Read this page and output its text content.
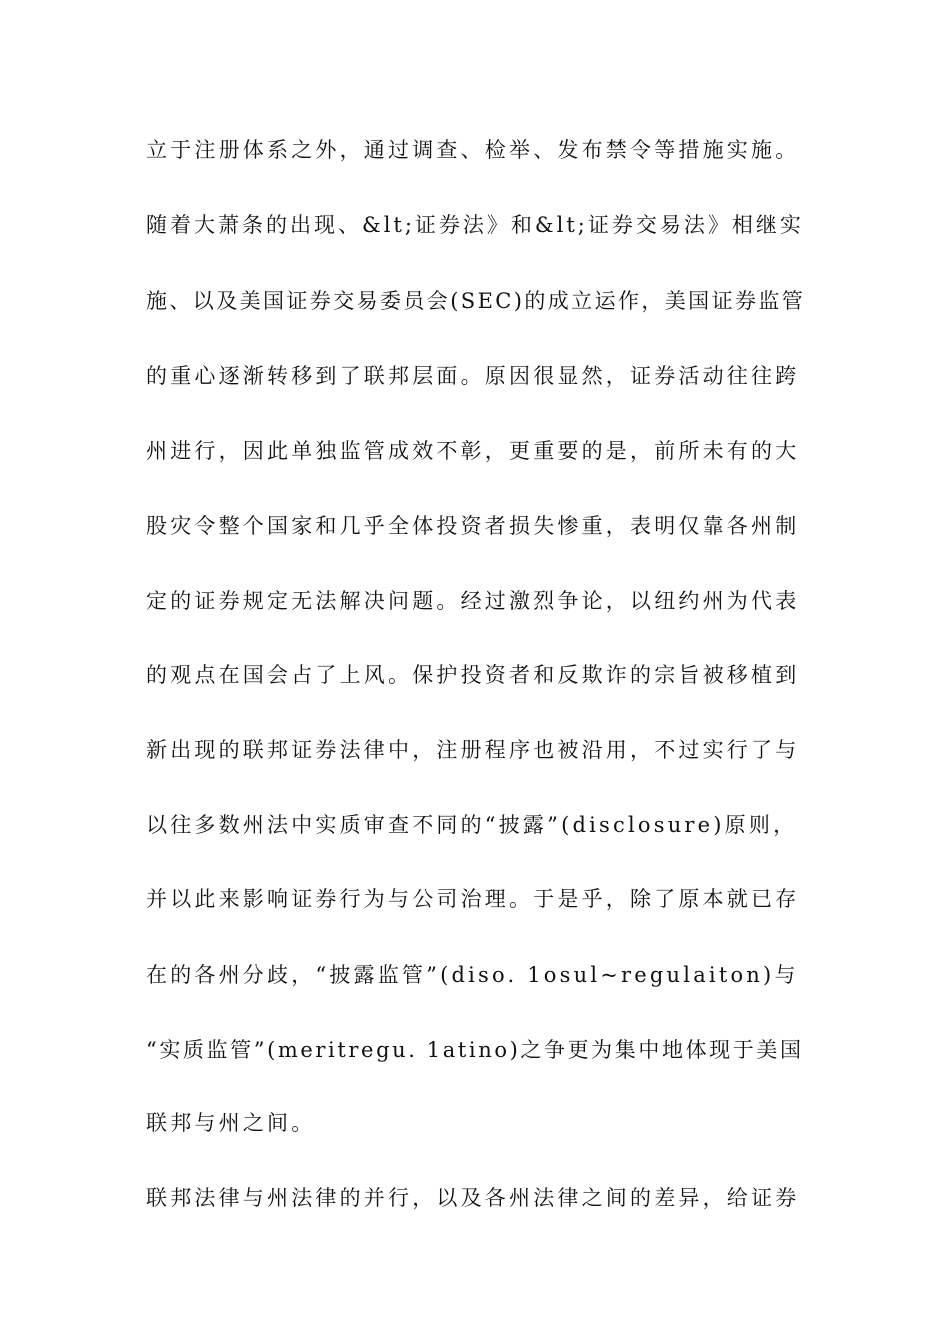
立于注册体系之外，通过调查、检举、发布禁令等措施实施。
随着大萧条的出现、&lt;证券法》和&lt;证券交易法》相继实
施、以及美国证券交易委员会(SEC)的成立运作，美国证券监管
的重心逐渐转移到了联邦层面。原因很显然，证券活动往往跨
州进行，因此单独监管成效不彰，更重要的是，前所未有的大
股灾令整个国家和几乎全体投资者损失惨重，表明仅靠各州制
定的证券规定无法解决问题。经过激烈争论，以纽约州为代表
的观点在国会占了上风。保护投资者和反欺诈的宗旨被移植到
新出现的联邦证券法律中，注册程序也被沿用，不过实行了与
以往多数州法中实质审查不同的“披露”(disclosure)原则，
并以此来影响证券行为与公司治理。于是乎，除了原本就已存
在的各州分歧，“披露监管”(diso. 1osul~regulaiton)与
“实质监管”(meritregu. 1atino)之争更为集中地体现于美国
联邦与州之间。
联邦法律与州法律的并行，以及各州法律之间的差异，给证券
